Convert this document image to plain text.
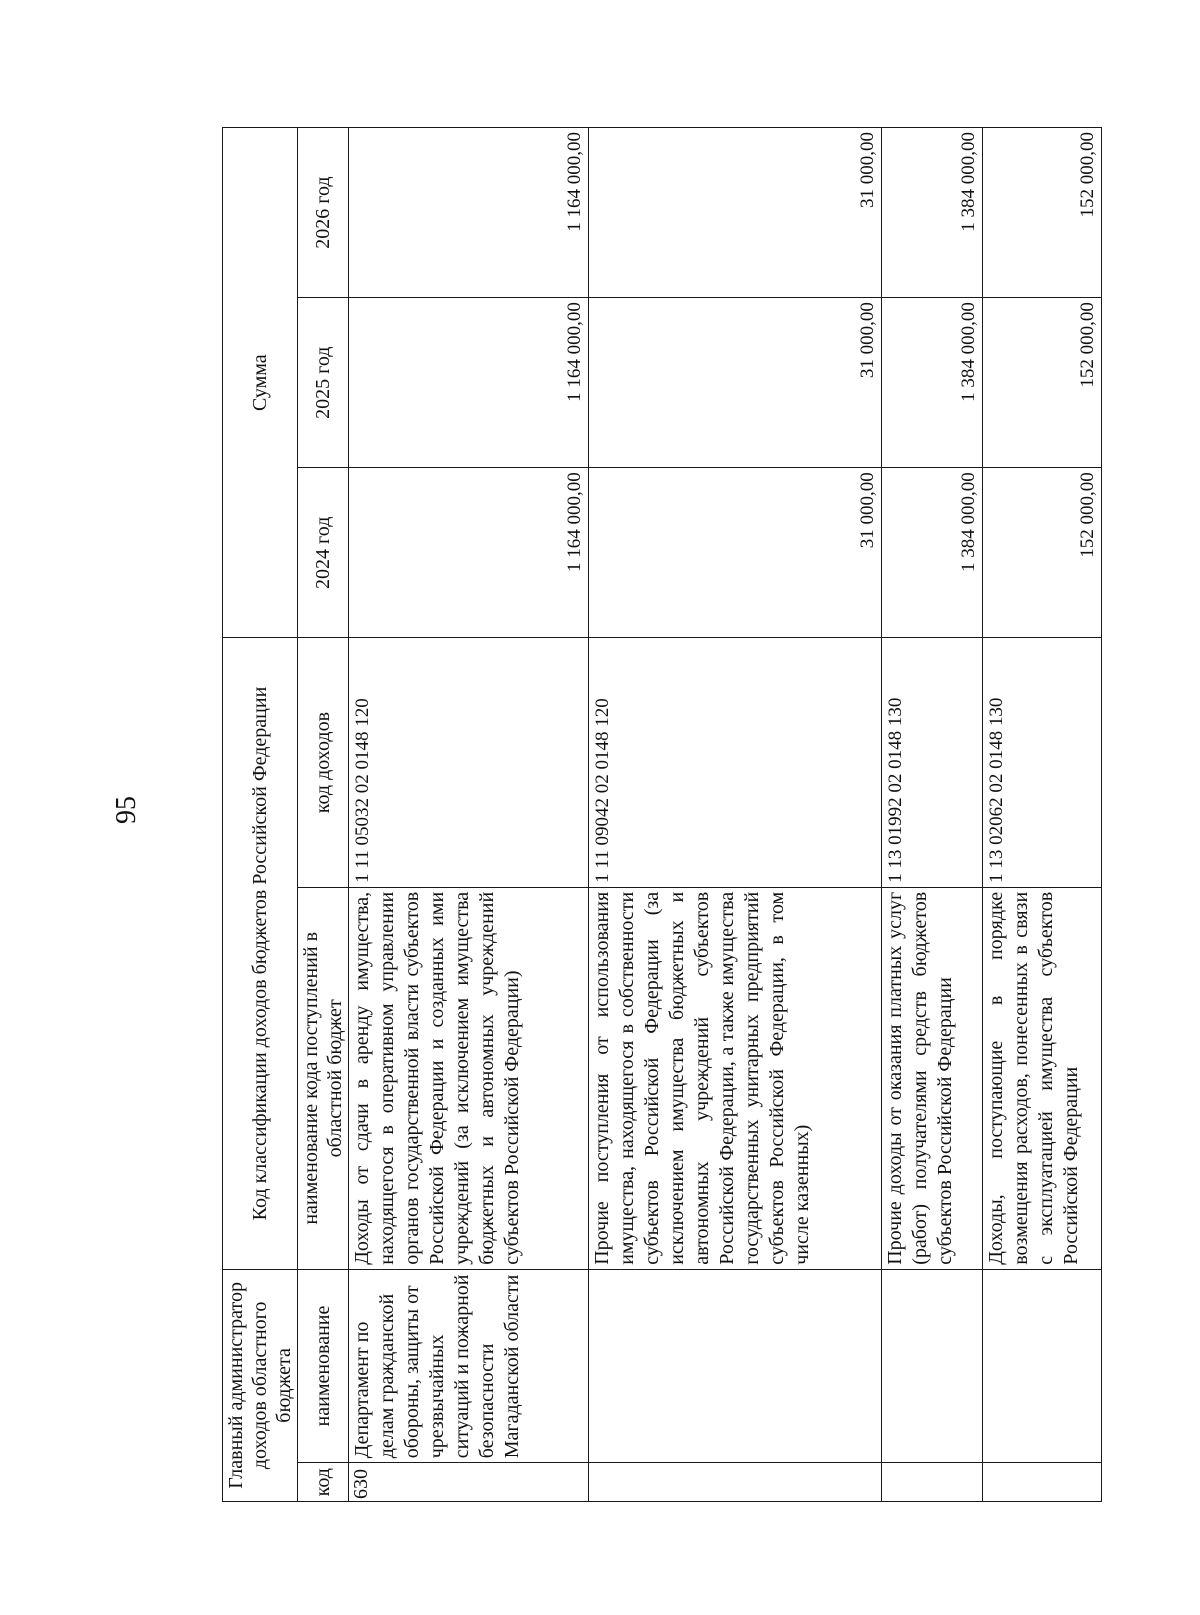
95
Главный администратор доходов областного бюджета		Код классификации доходов бюджетов Российской Федерации		Сумма		
код	наименование	наименование кода поступлений в областной бюджет	код доходов			
				2024 год	2025 год	2026 год
630	Департамент по делам гражданской обороны, защиты от чрезвычайных ситуаций и пожарной безопасности Магаданской области	Доходы от сдачи в аренду имущества, находящегося в оперативном управлении органов государственной власти субъектов Российской Федерации и созданных ими учреждений (за исключением имущества бюджетных и автономных учреждений субъектов Российской Федерации)	1 11 05032 02 0148 120	1 164 000,00	1 164 000,00	1 164 000,00
		Прочие поступления от использования имущества, находящегося в собственности субъектов Российской Федерации (за исключением имущества бюджетных и автономных учреждений субъектов Российской Федерации, а также имущества государственных унитарных предприятий субъектов Российской Федерации, в том числе казенных)	1 11 09042 02 0148 120	31 000,00	31 000,00	31 000,00
		Прочие доходы от оказания платных услуг (работ) получателями средств бюджетов субъектов Российской Федерации	1 13 01992 02 0148 130	1 384 000,00	1 384 000,00	1 384 000,00
		Доходы, поступающие в порядке возмещения расходов, понесенных в связи с эксплуатацией имущества субъектов Российской Федерации	1 13 02062 02 0148 130	152 000,00	152 000,00	152 000,00
